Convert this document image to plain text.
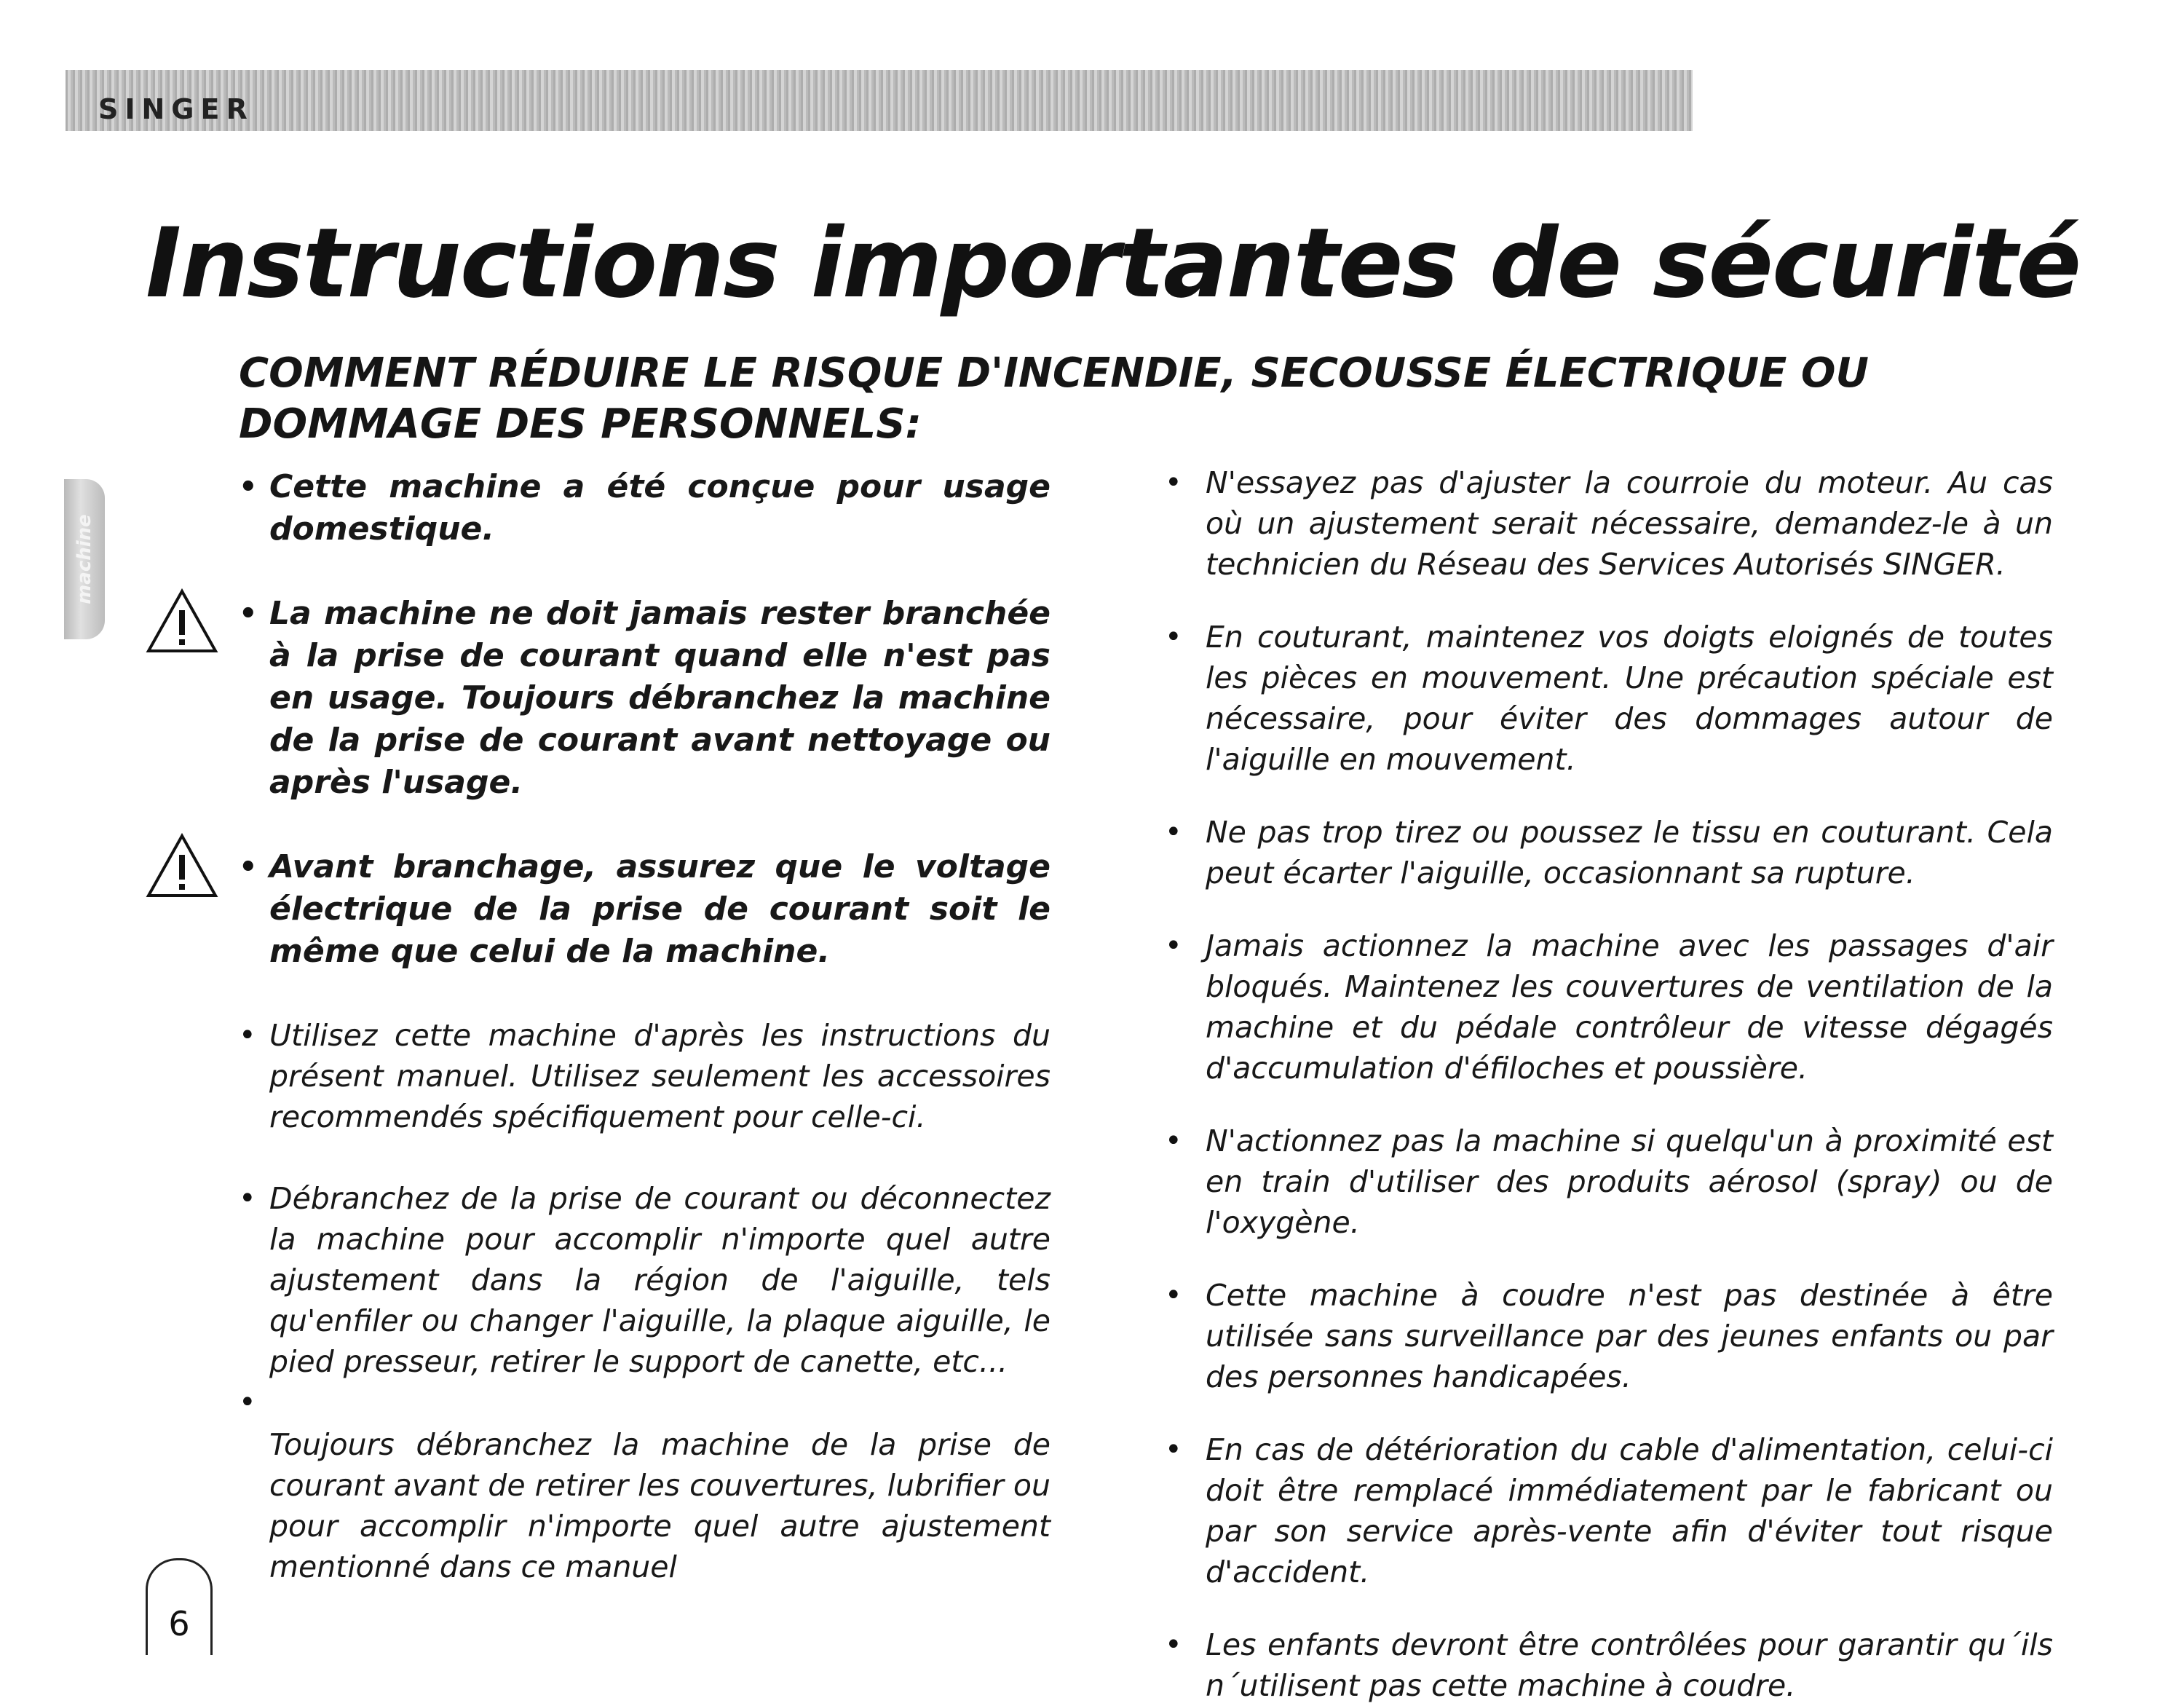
SINGER
Instructions importantes de sécurité
COMMENT RÉDUIRE LE RISQUE D'INCENDIE, SECOUSSE ÉLECTRIQUE OU DOMMAGE DES PERSONNELS:
machine
• Cette machine a été conçue pour usage domestique.
• La machine ne doit jamais rester branchée à la prise de courant quand elle n'est pas en usage. Toujours débranchez la machine de la prise de courant avant nettoyage ou après l'usage.
• Avant branchage, assurez que le voltage électrique de la prise de courant soit le même que celui de la machine.
• Utilisez cette machine d'après les instructions du présent manuel. Utilisez seulement les accessoires recommendés spécifiquement pour celle-ci.
• Débranchez de la prise de courant ou déconnectez la machine pour accomplir n'importe quel autre ajustement dans la région de l'aiguille, tels qu'enfiler ou changer l'aiguille, la plaque aiguille, le pied presseur, retirer le support de canette, etc...
•
Toujours débranchez la machine de la prise de courant avant de retirer les couvertures, lubrifier ou pour accomplir n'importe quel autre ajustement mentionné dans ce manuel
• N'essayez pas d'ajuster la courroie du moteur. Au cas où un ajustement serait nécessaire, demandez-le à un technicien du Réseau des Services Autorisés SINGER.
• En couturant, maintenez vos doigts eloignés de toutes les pièces en mouvement. Une précaution spéciale est nécessaire, pour éviter des dommages autour de l'aiguille en mouvement.
• Ne pas trop tirez ou poussez le tissu en couturant. Cela peut écarter l'aiguille, occasionnant sa rupture.
• Jamais actionnez la machine avec les passages d'air bloqués. Maintenez les couvertures de ventilation de la machine et du pédale contrôleur de vitesse dégagés d'accumulation d'éfiloches et poussière.
• N'actionnez pas la machine si quelqu'un à proximité est en train d'utiliser des produits aérosol (spray) ou de l'oxygène.
• Cette machine à coudre n'est pas destinée à être utilisée sans surveillance par des jeunes enfants ou par des personnes handicapées.
• En cas de détérioration du cable d'alimentation, celui-ci doit être remplacé immédiatement par le fabricant ou par son service après-vente afin d'éviter tout risque d'accident.
• Les enfants devront être contrôlées pour garantir qu´ils n´utilisent pas cette machine à coudre.
6
